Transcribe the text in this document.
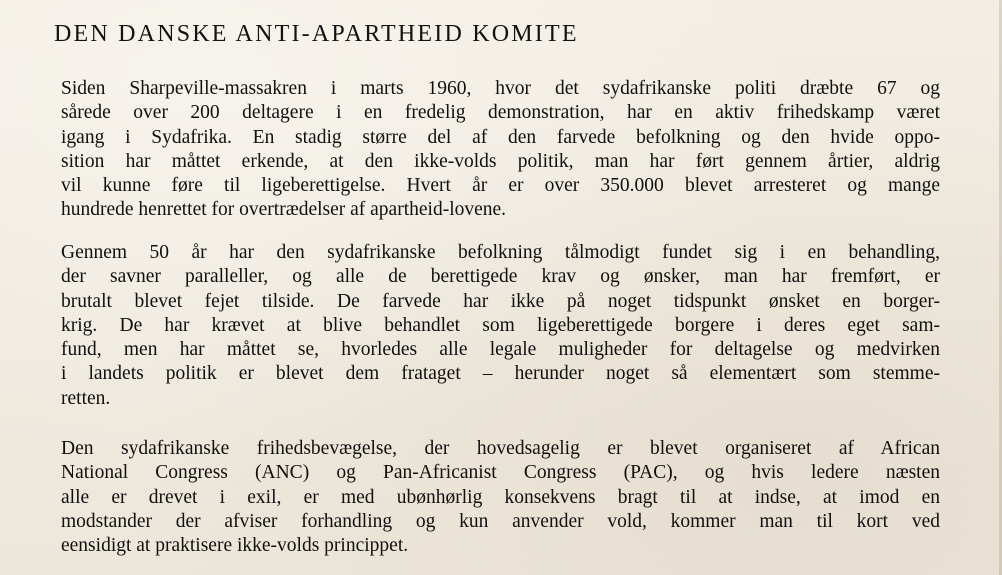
DEN DANSKE ANTI-APARTHEID KOMITE
Siden Sharpeville-massakren i marts 1960, hvor det sydafrikanske politi dræbte 67 og
sårede over 200 deltagere i en fredelig demonstration, har en aktiv frihedskamp været
igang i Sydafrika. En stadig større del af den farvede befolkning og den hvide oppo-
sition har måttet erkende, at den ikke-volds politik, man har ført gennem årtier, aldrig
vil kunne føre til ligeberettigelse. Hvert år er over 350.000 blevet arresteret og mange
hundrede henrettet for overtrædelser af apartheid-lovene.
Gennem 50 år har den sydafrikanske befolkning tålmodigt fundet sig i en behandling,
der savner paralleller, og alle de berettigede krav og ønsker, man har fremført, er
brutalt blevet fejet tilside. De farvede har ikke på noget tidspunkt ønsket en borger-
krig. De har krævet at blive behandlet som ligeberettigede borgere i deres eget sam-
fund, men har måttet se, hvorledes alle legale muligheder for deltagelse og medvirken
i landets politik er blevet dem frataget – herunder noget så elementært som stemme-
retten.
Den sydafrikanske frihedsbevægelse, der hovedsagelig er blevet organiseret af African
National Congress (ANC) og Pan-Africanist Congress (PAC), og hvis ledere næsten
alle er drevet i exil, er med ubønhørlig konsekvens bragt til at indse, at imod en
modstander der afviser forhandling og kun anvender vold, kommer man til kort ved
eensidigt at praktisere ikke-volds princippet.
